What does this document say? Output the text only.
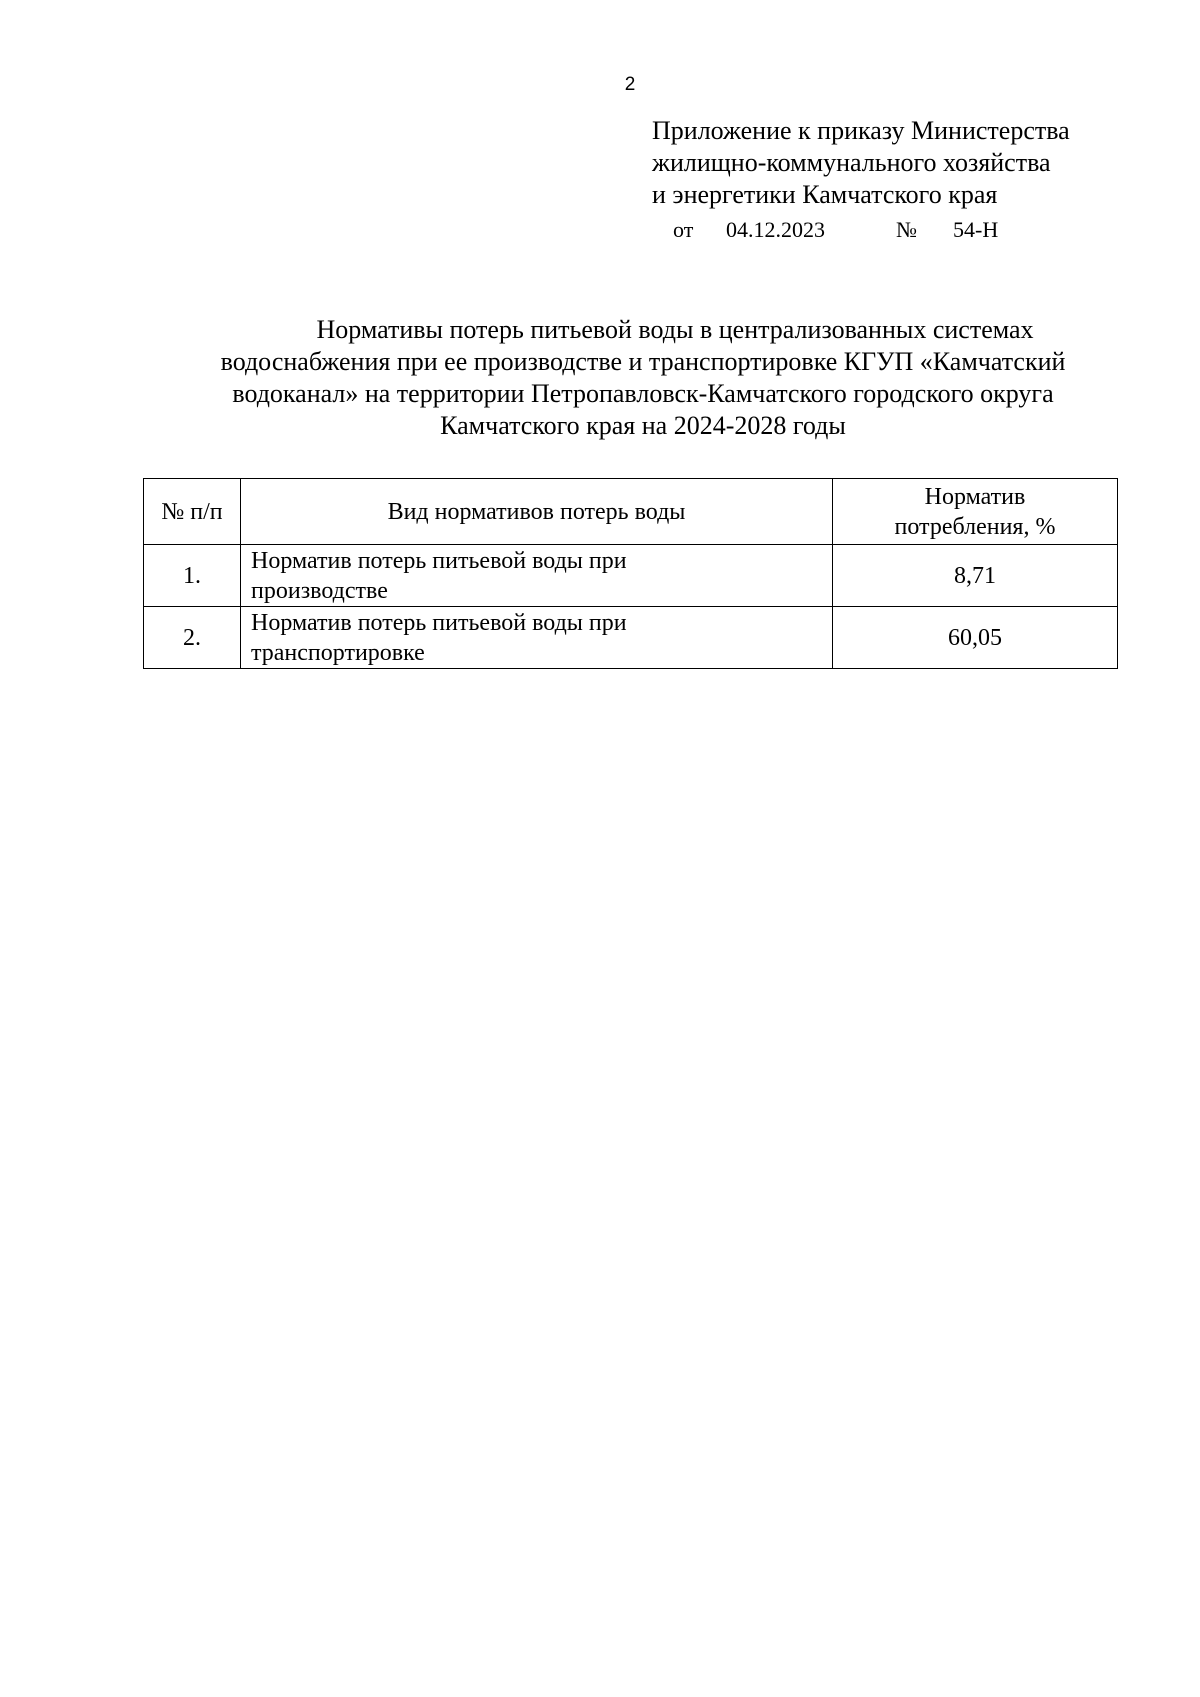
2
Приложение к приказу Министерства
жилищно-коммунального хозяйства
и энергетики Камчатского края
от 04.12.2023	№ 54-Н
Нормативы потерь питьевой воды в централизованных системах
водоснабжения при ее производстве и транспортировке КГУП «Камчатский
водоканал» на территории Петропавловск-Камчатского городского округа
Камчатского края на 2024-2028 годы
№ п/п	Вид нормативов потерь воды	Норматив
потребления, %

1.	Норматив потерь питьевой воды при
производстве	8,71
2.	Норматив потерь питьевой воды при
транспортировке	60,05
